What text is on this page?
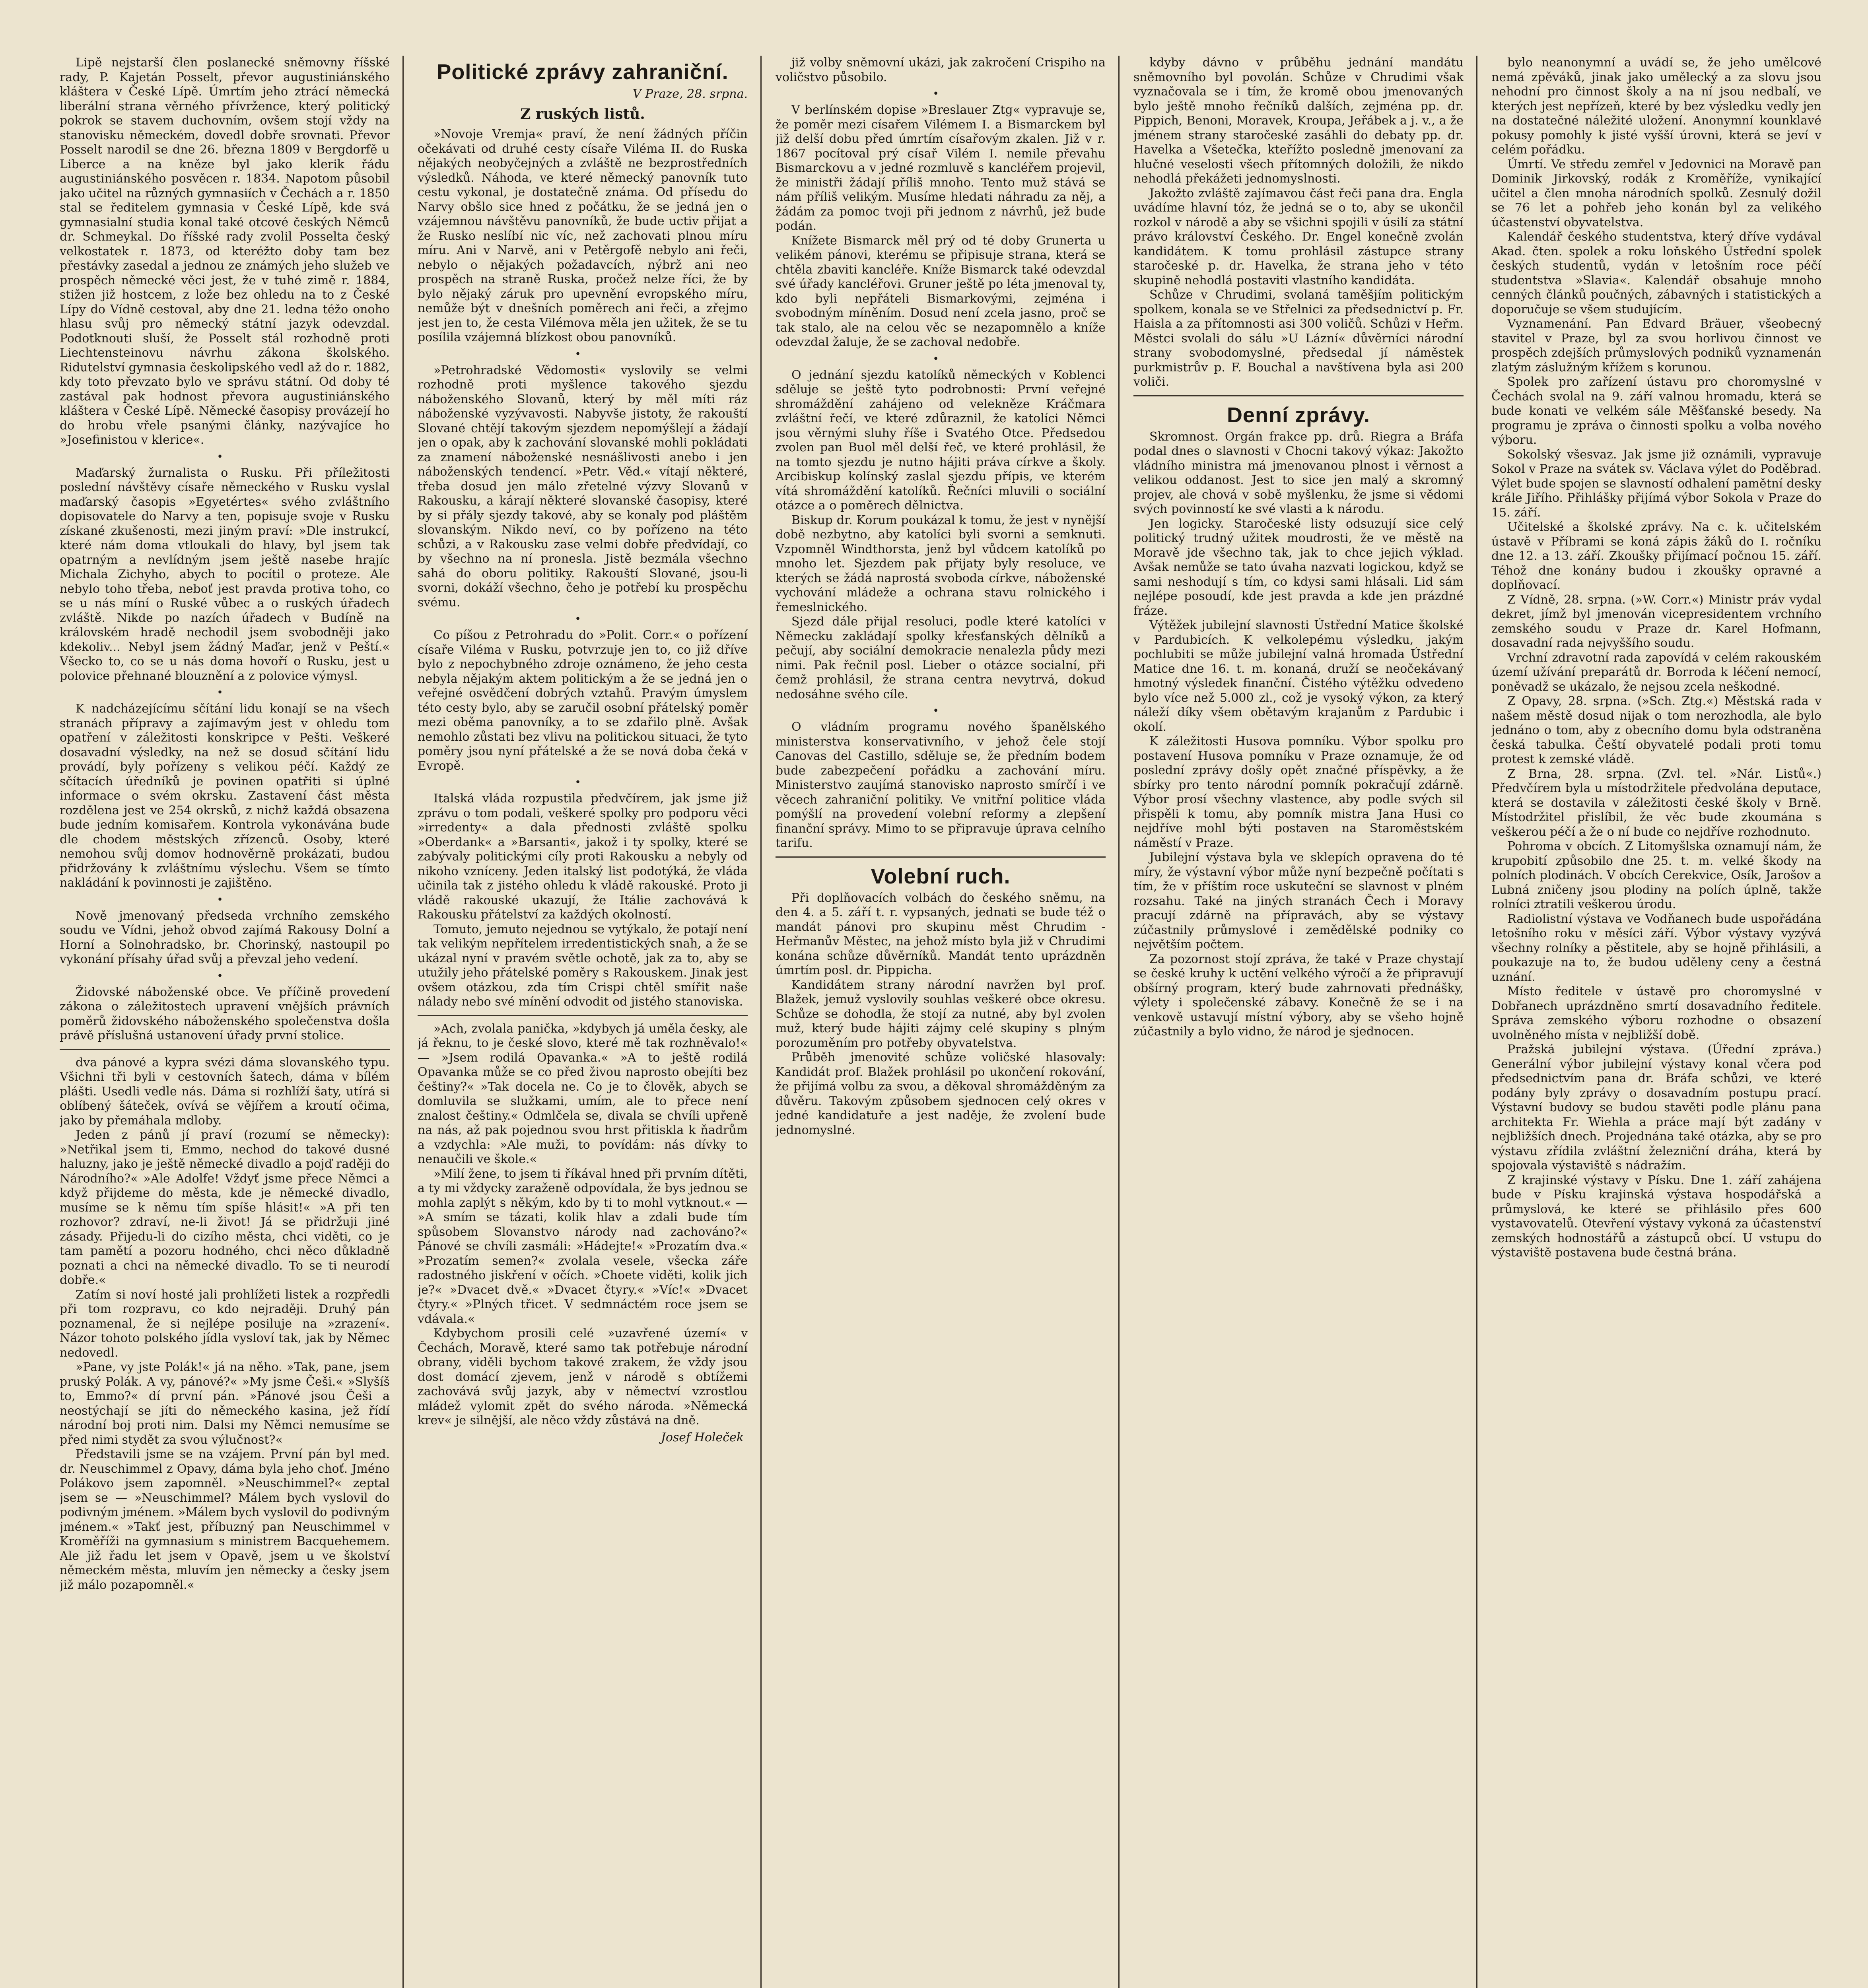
Lipě nejstarší člen poslanecké sněmovny říšské rady, P. Kajetán Posselt, převor augustiniánského kláštera v České Lípě. Úmrtím jeho ztrácí německá liberální strana věrného přívržence, který politický pokrok se stavem duchovním, ovšem stojí vždy na stanovisku německém, dovedl dobře srovnati. Převor Posselt narodil se dne 26. března 1809 v Bergdorfě u Liberce a na kněze byl jako klerik řádu augustiniánského posvěcen r. 1834. Napotom působil jako učitel na různých gymnasiích v Čechách a r. 1850 stal se ředitelem gymnasia v České Lípě, kde svá gymnasialní studia konal také otcové českých Němců dr. Schmeykal. Do říšské rady zvolil Posselta český velkostatek r. 1873, od kteréžto doby tam bez přestávky zasedal a jednou ze známých jeho služeb ve prospěch německé věci jest, že v tuhé zimě r. 1884, stižen již hostcem, z lože bez ohledu na to z České Lípy do Vídně cestoval, aby dne 21. ledna téžo onoho hlasu svůj pro německý státní jazyk odevzdal. Podotknouti sluší, že Posselt stál rozhodně proti Liechtensteinovu návrhu zákona školského. Ridutelství gymnasia českolipského vedl až do r. 1882, kdy toto převzato bylo ve správu státní. Od doby té zastával pak hodnost převora augustiniánského kláštera v České Lípě. Německé časopisy provázejí ho do hrobu vřele psanými články, nazývajíce ho »Josefinistou v klerice«.

•

Maďarský žurnalista o Rusku. Při příležitosti poslední návštěvy císaře německého v Rusku vyslal maďarský časopis »Egyetértes« svého zvláštního dopisovatele do Narvy a ten, popisuje svoje v Rusku získané zkušenosti, mezi jiným praví: »Dle instrukcí, které nám doma vtloukali do hlavy, byl jsem tak opatrným a nevlídným jsem ještě nasebe hrajíc Michala Zichyho, abych to pocítil o proteze. Ale nebylo toho třeba, neboť jest pravda protiva toho, co se u nás míní o Ruské vůbec a o ruských úřadech zvláště. Nikde po nazích úřadech v Budíně na královském hradě nechodil jsem svobodněji jako kdekoliv... Nebyl jsem žádný Maďar, jenž v Peští.« Všecko to, co se u nás doma hovoří o Rusku, jest u polovice přehnané blouznění a z polovice výmysl.

•

K nadcházejícímu sčítání lidu konají se na všech stranách přípravy a zajímavým jest v ohledu tom opatření v záležitosti konskripce v Pešti. Veškeré dosavadní výsledky, na než se dosud sčítání lidu provádí, byly pořízeny s velikou péčí. Každý ze sčítacích úředníků je povinen opatřiti si úplné informace o svém okrsku. Zastavení část města rozdělena jest ve 254 okrsků, z nichž každá obsazena bude jedním komisařem. Kontrola vykonávána bude dle chodem městských zřízenců. Osoby, které nemohou svůj domov hodnověrně prokázati, budou přidržovány k zvláštnímu výslechu. Všem se tímto nakládání k povinnosti je zajištěno.

•

Nově jmenovaný předseda vrchního zemského soudu ve Vídni, jehož obvod zajímá Rakousy Dolní a Horní a Solnohradsko, br. Chorinský, nastoupil po vykonání přísahy úřad svůj a převzal jeho vedení.

•

Židovské náboženské obce. Ve příčině provedení zákona o záležitostech upravení vnějších právních poměrů židovského náboženského společenstva došla právě příslušná ustanovení úřady první stolice.

dva pánové a kypra svézi dáma slovanského typu. Všichni tři byli v cestovních šatech, dáma v bílém plášti. Usedli vedle nás. Dáma si rozhlíží šaty, utírá si oblíbený šáteček, ovívá se vějířem a kroutí očima, jako by přemáhala mdloby.

Jeden z pánů jí praví (rozumí se německy): »Netřikal jsem ti, Emmo, nechod do takové dusné haluzny, jako je ještě německé divadlo a pojď raději do Národního?« »Ale Adolfe! Vždyť jsme přece Němci a když přijdeme do města, kde je německé divadlo, musíme se k němu tím spíše hlásit!« »A při ten rozhovor? zdraví, ne-li život! Já se přidržuji jiné zásady. Přijedu-li do cizího města, chci viděti, co je tam pamětí a pozoru hodného, chci něco důkladně poznati a chci na německé divadlo. To se ti neurodí dobře.«

Zatím si noví hosté jali prohlížeti listek a rozpředli při tom rozpravu, co kdo nejraději. Druhý pán poznamenal, že si nejlépe posiluje na »zrazení«. Názor tohoto polského jídla vysloví tak, jak by Němec nedovedl.

»Pane, vy jste Polák!« já na něho. »Tak, pane, jsem pruský Polák. A vy, pánové?« »My jsme Češi.« »Slyšíš to, Emmo?« dí první pán. »Pánové jsou Češi a neostýchají se jíti do německého kasina, jež řídí národní boj proti nim. Dalsi my Němci nemusíme se před nimi stydět za svou výlučnost?«

Představili jsme se na vzájem. První pán byl med. dr. Neuschimmel z Opavy, dáma byla jeho choť. Jméno Polákovo jsem zapomněl. »Neuschimmel?« zeptal jsem se — »Neuschimmel? Málem bych vyslovil do podivným jménem. »Málem bych vyslovil do podivným jménem.« »Takť jest, příbuzný pan Neuschimmel v Kroměříži na gymnasium s ministrem Bacquehemem. Ale již řadu let jsem v Opavě, jsem u ve školství německém města, mluvím jen německy a česky jsem již málo pozapomněl.«

Politické zprávy zahraniční.
V Praze, 28. srpna.
Z ruských listů.

»Novoje Vremja« praví, že není žádných příčin očekávati od druhé cesty císaře Viléma II. do Ruska nějakých neobyčejných a zvláště ne bezprostředních výsledků. Náhoda, ve které německý panovník tuto cestu vykonal, je dostatečně známa. Od přísedu do Narvy obšlo sice hned z počátku, že se jedná jen o vzájemnou návštěvu panovníků, že bude uctiv přijat a že Rusko neslíbí nic víc, než zachovati plnou míru míru. Ani v Narvě, ani v Petěrgofě nebylo ani řeči, nebylo o nějakých požadavcích, nýbrž ani neo prospěch na straně Ruska, pročež nelze říci, že by bylo nějaký záruk pro upevnění evropského míru, nemůže být v dnešních poměrech ani řeči, a zřejmo jest jen to, že cesta Vilémova měla jen užitek, že se tu posílila vzájemná blízkost obou panovníků.

•

»Petrohradské Vědomosti« vyslovily se velmi rozhodně proti myšlence takového sjezdu náboženského Slovanů, který by měl míti ráz náboženské vyzývavosti. Nabyvše jistoty, že rakouští Slované chtějí takovým sjezdem nepomýšlejí a žádají jen o opak, aby k zachování slovanské mohli pokládati za znamení náboženské nesnášlivosti anebo i jen náboženských tendencí. »Petr. Věd.« vítají některé, třeba dosud jen málo zřetelné výzvy Slovanů v Rakousku, a kárají některé slovanské časopisy, které by si přály sjezdy takové, aby se konaly pod pláštěm slovanským. Nikdo neví, co by pořízeno na této schůzi, a v Rakousku zase velmi dobře předvídají, co by všechno na ní pronesla. Jistě bezmála všechno sahá do oboru politiky. Rakouští Slované, jsou-li svorni, dokáží všechno, čeho je potřebí ku prospěchu svému.

•

Co píšou z Petrohradu do »Polit. Corr.« o pořízení císaře Viléma v Rusku, potvrzuje jen to, co již dříve bylo z nepochybného zdroje oznámeno, že jeho cesta nebyla nějakým aktem politickým a že se jedná jen o veřejné osvědčení dobrých vztahů. Pravým úmyslem této cesty bylo, aby se zaručil osobní přátelský poměr mezi oběma panovníky, a to se zdařilo plně. Avšak nemohlo zůstati bez vlivu na politickou situaci, že tyto poměry jsou nyní přátelské a že se nová doba čeká v Evropě.

•

Italská vláda rozpustila předvčírem, jak jsme již zprávu o tom podali, veškeré spolky pro podporu věci »irredenty« a dala přednosti zvláště spolku »Oberdank« a »Barsanti«, jakož i ty spolky, které se zabývaly politickými cíly proti Rakousku a nebyly od nikoho vzníceny. Jeden italský list podotýká, že vláda učinila tak z jistého ohledu k vládě rakouské. Proto ji vládě rakouské ukazují, že Itálie zachovává k Rakousku přátelství za každých okolností.

Tomuto, jemuto nejednou se vytýkalo, že potají není tak velikým nepřítelem irredentistických snah, a že se ukázal nyní v pravém světle ochotě, jak za to, aby se utužily jeho přátelské poměry s Rakouskem. Jinak jest ovšem otázkou, zda tím Crispi chtěl smířit naše nálady nebo své mínění odvodit od jistého stanoviska.

»Ach, zvolala panička, »kdybych já uměla česky, ale já řeknu, to je české slovo, které mě tak rozhněvalo!« — »Jsem rodilá Opavanka.« »A to ještě rodilá Opavanka může se co před živou naprosto obejíti bez češtiny?« »Tak docela ne. Co je to člověk, abych se domluvila se služkami, umím, ale to přece není znalost češtiny.« Odmlčela se, divala se chvíli upřeně na nás, až pak pojednou svou hrst přitiskla k ňadrům a vzdychla: »Ale muži, to povídám: nás dívky to nenaučili ve škole.«

»Milí žene, to jsem ti říkával hned při prvním dítěti, a ty mi vždycky zaraženě odpovídala, že bys jednou se mohla zaplýt s někým, kdo by ti to mohl vytknout.« — »A smím se tázati, kolik hlav a zdali bude tím spůsobem Slovanstvo národy nad zachováno?« Pánové se chvíli zasmáli: »Hádejte!« »Prozatím dva.« »Prozatím semen?« zvolala vesele, všecka záře radostného jiskření v očích. »Choete viděti, kolik jich je?« »Dvacet dvě.« »Dvacet čtyry.« »Víc!« »Dvacet čtyry.« »Plných třicet. V sedmnáctém roce jsem se vdávala.«

Kdybychom prosili celé »uzavřené území« v Čechách, Moravě, které samo tak potřebuje národní obrany, viděli bychom takové zrakem, že vždy jsou dost domácí zjevem, jenž v národě s obtížemi zachovává svůj jazyk, aby v němectví vzrostlou mládež vylomit zpět do svého národa. »Německá krev« je silnější, ale něco vždy zůstává na dně.

Josef Holeček

již volby sněmovní ukázi, jak zakročení Crispiho na voličstvo působilo.

•

V berlínském dopise »Breslauer Ztg« vypravuje se, že poměr mezi císařem Vilémem I. a Bismarckem byl již delší dobu před úmrtím císařovým zkalen. Již v r. 1867 pocítoval prý císař Vilém I. nemile převahu Bismarckovu a v jedné rozmluvě s kancléřem projevil, že ministři žádají příliš mnoho. Tento muž stává se nám příliš velikým. Musíme hledati náhradu za něj, a žádám za pomoc tvoji při jednom z návrhů, jež bude podán.

Knížete Bismarck měl prý od té doby Grunerta u velikém pánovi, kterému se připisuje strana, která se chtěla zbaviti kancléře. Kníže Bismarck také odevzdal své úřady kancléřovi. Gruner ještě po léta jmenoval ty, kdo byli nepřáteli Bismarkovými, zejména i svobodným míněním. Dosud není zcela jasno, proč se tak stalo, ale na celou věc se nezapomnělo a kníže odevzdal žaluje, že se zachoval nedobře.

•

O jednání sjezdu katolíků německých v Koblenci sděluje se ještě tyto podrobnosti: První veřejné shromáždění zahájeno od velekněze Kráčmara zvláštní řečí, ve které zdůraznil, že katolíci Němci jsou věrnými sluhy říše i Svatého Otce. Předsedou zvolen pan Buol měl delší řeč, ve které prohlásil, že na tomto sjezdu je nutno hájiti práva církve a školy. Arcibiskup kolínský zaslal sjezdu přípis, ve kterém vítá shromáždění katolíků. Řečníci mluvili o sociální otázce a o poměrech dělnictva.

Biskup dr. Korum poukázal k tomu, že jest v nynější době nezbytno, aby katolíci byli svorni a semknuti. Vzpomněl Windthorsta, jenž byl vůdcem katolíků po mnoho let. Sjezdem pak přijaty byly resoluce, ve kterých se žádá naprostá svoboda církve, náboženské vychování mládeže a ochrana stavu rolnického i řemeslnického.

Sjezd dále přijal resoluci, podle které katolíci v Německu zakládají spolky křesťanských dělníků a pečují, aby sociální demokracie nenalezla půdy mezi nimi. Pak řečnil posl. Lieber o otázce socialní, při čemž prohlásil, že strana centra nevytrvá, dokud nedosáhne svého cíle.

•

O vládním programu nového španělského ministerstva konservativního, v jehož čele stojí Canovas del Castillo, sděluje se, že předním bodem bude zabezpečení pořádku a zachování míru. Ministerstvo zaujímá stanovisko naprosto smírčí i ve věcech zahraniční politiky. Ve vnitřní politice vláda pomýšlí na provedení volební reformy a zlepšení finanční správy. Mimo to se připravuje úprava celního tarifu.

Volební ruch.

Při doplňovacích volbách do českého sněmu, na den 4. a 5. září t. r. vypsaných, jednati se bude též o mandát pánovi pro skupinu měst Chrudim - Heřmanův Městec, na jehož místo byla již v Chrudimi konána schůze důvěrníků. Mandát tento uprázdněn úmrtím posl. dr. Pippicha.

Kandidátem strany národní navržen byl prof. Blažek, jemuž vyslovily souhlas veškeré obce okresu. Schůze se dohodla, že stojí za nutné, aby byl zvolen muž, který bude hájiti zájmy celé skupiny s plným porozuměním pro potřeby obyvatelstva.

Průběh jmenovité schůze voličské hlasovaly: Kandidát prof. Blažek prohlásil po ukončení rokování, že přijímá volbu za svou, a děkoval shromážděným za důvěru. Takovým způsobem sjednocen celý okres v jedné kandidatuře a jest naděje, že zvolení bude jednomyslné.

kdyby dávno v průběhu jednání mandátu sněmovního byl povolán. Schůze v Chrudimi však vyznačovala se i tím, že kromě obou jmenovaných bylo ještě mnoho řečníků dalších, zejména pp. dr. Pippich, Benoni, Moravek, Kroupa, Jeřábek a j. v., a že jménem strany staročeské zasáhli do debaty pp. dr. Havelka a Všetečka, kteřížto posledně jmenovaní za hlučné veselosti všech přítomných doložili, že nikdo nehodlá překážeti jednomyslnosti.

Jakožto zvláště zajímavou část řeči pana dra. Engla uvádíme hlavní tóz, že jedná se o to, aby se ukončil rozkol v národě a aby se všichni spojili v úsilí za státní právo království Českého. Dr. Engel konečně zvolán kandidátem. K tomu prohlásil zástupce strany staročeské p. dr. Havelka, že strana jeho v této skupině nehodlá postaviti vlastního kandidáta.

Schůze v Chrudimi, svolaná taměšjím politickým spolkem, konala se ve Střelnici za předsednictví p. Fr. Haisla a za přítomnosti asi 300 voličů. Schůzi v Heřm. Městci svolali do sálu »U Lázní« důvěrníci národní strany svobodomyslné, předsedal jí náměstek purkmistrův p. F. Bouchal a navštívena byla asi 200 voliči.

Denní zprávy.

Skromnost. Orgán frakce pp. drů. Riegra a Bráfa podal dnes o slavnosti v Chocni takový výkaz: Jakožto vládního ministra má jmenovanou plnost i věrnost a velikou oddanost. Jest to sice jen malý a skromný projev, ale chová v sobě myšlenku, že jsme si vědomi svých povinností ke své vlasti a k národu.

Jen logicky. Staročeské listy odsuzují sice celý politický trudný užitek moudrosti, že ve městě na Moravě jde všechno tak, jak to chce jejich výklad. Avšak nemůže se tato úvaha nazvati logickou, když se sami neshodují s tím, co kdysi sami hlásali. Lid sám nejlépe posoudí, kde jest pravda a kde jen prázdné fráze.

Výtěžek jubilejní slavnosti Ústřední Matice školské v Pardubicích. K velkolepému výsledku, jakým pochlubiti se může jubilejní valná hromada Ústřední Matice dne 16. t. m. konaná, druží se neočekávaný hmotný výsledek finanční. Čistého výtěžku odvedeno bylo více než 5.000 zl., což je vysoký výkon, za který náleží díky všem obětavým krajanům z Pardubic i okolí.

K záležitosti Husova pomníku. Výbor spolku pro postavení Husova pomníku v Praze oznamuje, že od poslední zprávy došly opět značné příspěvky, a že sbírky pro tento národní pomník pokračují zdárně. Výbor prosí všechny vlastence, aby podle svých sil přispěli k tomu, aby pomník mistra Jana Husi co nejdříve mohl býti postaven na Staroměstském náměstí v Praze.

Jubilejní výstava byla ve sklepích opravena do té míry, že výstavní výbor může nyní bezpečně počítati s tím, že v příštím roce uskuteční se slavnost v plném rozsahu. Také na jiných stranách Čech i Moravy pracují zdárně na přípravách, aby se výstavy zúčastnily průmyslové i zemědělské podniky co největším počtem.

Za pozornost stojí zpráva, že také v Praze chystají se české kruhy k uctění velkého výročí a že připravují obšírný program, který bude zahrnovati přednášky, výlety i společenské zábavy. Konečně že se i na venkově ustavují místní výbory, aby se všeho hojně zúčastnily a bylo vidno, že národ je sjednocen.

bylo neanonymní a uvádí se, že jeho umělcové nemá zpěváků, jinak jako umělecký a za slovu jsou nehodní pro činnost školy a na ní jsou nedbalí, ve kterých jest nepřízeň, které by bez výsledku vedly jen na dostatečné náležité uložení. Anonymní kounklavé pokusy pomohly k jisté vyšší úrovni, která se jeví v celém pořádku.

Úmrtí. Ve středu zemřel v Jedovnici na Moravě pan Dominik Jirkovský, rodák z Kroměříže, vynikající učitel a člen mnoha národních spolků. Zesnulý dožil se 76 let a pohřeb jeho konán byl za velikého účastenství obyvatelstva.

Kalendář českého studentstva, který dříve vydával Akad. čten. spolek a roku loňského Ústřední spolek českých studentů, vydán v letošním roce péčí studentstva »Slavia«. Kalendář obsahuje mnoho cenných článků poučných, zábavných i statistických a doporučuje se všem studujícím.

Vyznamenání. Pan Edvard Bräuer, všeobecný stavitel v Praze, byl za svou horlivou činnost ve prospěch zdejších průmyslových podniků vyznamenán zlatým záslužným křížem s korunou.

Spolek pro zařízení ústavu pro choromyslné v Čechách svolal na 9. září valnou hromadu, která se bude konati ve velkém sále Měšťanské besedy. Na programu je zpráva o činnosti spolku a volba nového výboru.

Sokolský všesvaz. Jak jsme již oznámili, vypravuje Sokol v Praze na svátek sv. Václava výlet do Poděbrad. Výlet bude spojen se slavností odhalení pamětní desky krále Jiřího. Přihlášky přijímá výbor Sokola v Praze do 15. září.

Učitelské a školské zprávy. Na c. k. učitelském ústavě v Příbrami se koná zápis žáků do I. ročníku dne 12. a 13. září. Zkoušky přijímací počnou 15. září. Téhož dne konány budou i zkoušky opravné a doplňovací.

Z Vídně, 28. srpna. (»W. Corr.«) Ministr práv vydal dekret, jímž byl jmenován vicepresidentem vrchního zemského soudu v Praze dr. Karel Hofmann, dosavadní rada nejvyššího soudu.

Vrchní zdravotní rada zapovídá v celém rakouském území užívání preparátů dr. Borroda k léčení nemocí, poněvadž se ukázalo, že nejsou zcela neškodné.

Z Opavy, 28. srpna. (»Sch. Ztg.«) Městská rada v našem městě dosud nijak o tom nerozhodla, ale bylo jednáno o tom, aby z obecního domu byla odstraněna česká tabulka. Čeští obyvatelé podali proti tomu protest k zemské vládě.

Z Brna, 28. srpna. (Zvl. tel. »Nár. Listů«.) Předvčírem byla u místodržitele předvolána deputace, která se dostavila v záležitosti české školy v Brně. Místodržitel přislíbil, že věc bude zkoumána s veškerou péčí a že o ní bude co nejdříve rozhodnuto.

Pohroma v obcích. Z Litomyšlska oznamují nám, že krupobití způsobilo dne 25. t. m. velké škody na polních plodinách. V obcích Cerekvice, Osík, Jarošov a Lubná zničeny jsou plodiny na polích úplně, takže rolníci ztratili veškerou úrodu.

Radiolistní výstava ve Vodňanech bude uspořádána letošního roku v měsíci září. Výbor výstavy vyzývá všechny rolníky a pěstitele, aby se hojně přihlásili, a poukazuje na to, že budou uděleny ceny a čestná uznání.

Místo ředitele v ústavě pro choromyslné v Dobřanech uprázdněno smrtí dosavadního ředitele. Správa zemského výboru rozhodne o obsazení uvolněného místa v nejbližší době.

Pražská jubilejní výstava. (Úřední zpráva.) Generální výbor jubilejní výstavy konal včera pod předsednictvím pana dr. Bráfa schůzi, ve které podány byly zprávy o dosavadním postupu prací. Výstavní budovy se budou stavěti podle plánu pana architekta Fr. Wiehla a práce mají být zadány v nejbližších dnech. Projednána také otázka, aby se pro výstavu zřídila zvláštní železniční dráha, která by spojovala výstaviště s nádražím.

Z krajinské výstavy v Písku. Dne 1. září zahájena bude v Písku krajinská výstava hospodářská a průmyslová, ke které se přihlásilo přes 600 vystavovatelů. Otevření výstavy vykoná za účastenství zemských hodnostářů a zástupců obcí. U vstupu do výstaviště postavena bude čestná brána.
